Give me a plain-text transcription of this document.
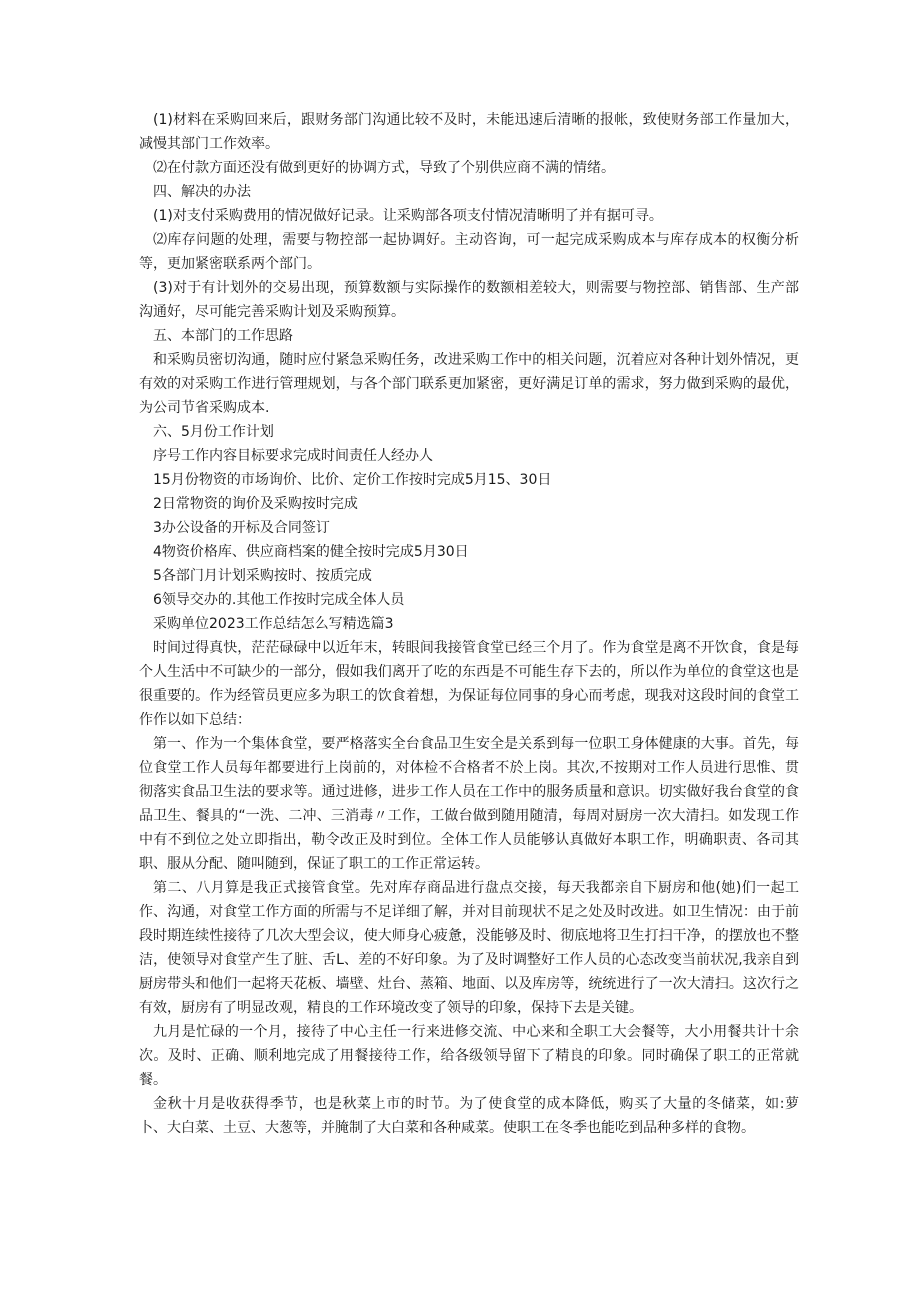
(1)材料在采购回来后，跟财务部门沟通比较不及时，未能迅速后清晰的报帐，致使财务部工作量加大，减慢其部门工作效率。

⑵在付款方面还没有做到更好的协调方式，导致了个别供应商不满的情绪。

四、解决的办法

(1)对支付采购费用的情况做好记录。让采购部各项支付情况清晰明了并有据可寻。

⑵库存问题的处理，需要与物控部一起协调好。主动咨询，可一起完成采购成本与库存成本的权衡分析等，更加紧密联系两个部门。

(3)对于有计划外的交易出现，预算数额与实际操作的数额相差较大，则需要与物控部、销售部、生产部沟通好，尽可能完善采购计划及采购预算。

五、本部门的工作思路

和采购员密切沟通，随时应付紧急采购任务，改进采购工作中的相关问题，沉着应对各种计划外情况，更有效的对采购工作进行管理规划，与各个部门联系更加紧密，更好满足订单的需求，努力做到采购的最优，为公司节省采购成本.

六、5月份工作计划

序号工作内容目标要求完成时间责任人经办人

15月份物资的市场询价、比价、定价工作按时完成5月15、30日

2日常物资的询价及采购按时完成

3办公设备的开标及合同签订

4物资价格库、供应商档案的健全按时完成5月30日

5各部门月计划采购按时、按质完成

6领导交办的.其他工作按时完成全体人员

采购单位2023工作总结怎么写精选篇3

时间过得真快，茫茫碌碌中以近年末，转眼间我接管食堂已经三个月了。作为食堂是离不开饮食，食是每个人生活中不可缺少的一部分，假如我们离开了吃的东西是不可能生存下去的，所以作为单位的食堂这也是很重要的。作为经管员更应多为职工的饮食着想，为保证每位同事的身心而考虑，现我对这段时间的食堂工作作以如下总结：

第一、作为一个集体食堂，要严格落实全台食品卫生安全是关系到每一位职工身体健康的大事。首先，每位食堂工作人员每年都要进行上岗前的，对体检不合格者不於上岗。其次,不按期对工作人员进行思惟、贯彻落实食品卫生法的要求等。通过进修，进步工作人员在工作中的服务质量和意识。切实做好我台食堂的食品卫生、餐具的“一洗、二冲、三消毒〃工作，工做台做到随用随清，每周对厨房一次大清扫。如发现工作中有不到位之处立即指出，勒令改正及时到位。全体工作人员能够认真做好本职工作，明确职责、各司其职、服从分配、随叫随到，保证了职工的工作正常运转。

第二、八月算是我正式接管食堂。先对库存商品进行盘点交接，每天我都亲自下厨房和他(她)们一起工作、沟通，对食堂工作方面的所需与不足详细了解，并对目前现状不足之处及时改进。如卫生情况：由于前段时期连续性接待了几次大型会议，使大师身心疲惫，没能够及时、彻底地将卫生打扫干净，的摆放也不整洁，使领导对食堂产生了脏、舌L、差的不好印象。为了及时调整好工作人员的心态改变当前状况,我亲自到厨房带头和他们一起将天花板、墙壁、灶台、蒸箱、地面、以及库房等，统统进行了一次大清扫。这次行之有效，厨房有了明显改观，精良的工作环境改变了领导的印象，保持下去是关键。

九月是忙碌的一个月，接待了中心主任一行来进修交流、中心来和全职工大会餐等，大小用餐共计十余次。及时、正确、顺利地完成了用餐接待工作，给各级领导留下了精良的印象。同时确保了职工的正常就餐。

金秋十月是收获得季节，也是秋菜上市的时节。为了使食堂的成本降低，购买了大量的冬储菜，如:萝卜、大白菜、土豆、大葱等，并腌制了大白菜和各种咸菜。使职工在冬季也能吃到品种多样的食物。
